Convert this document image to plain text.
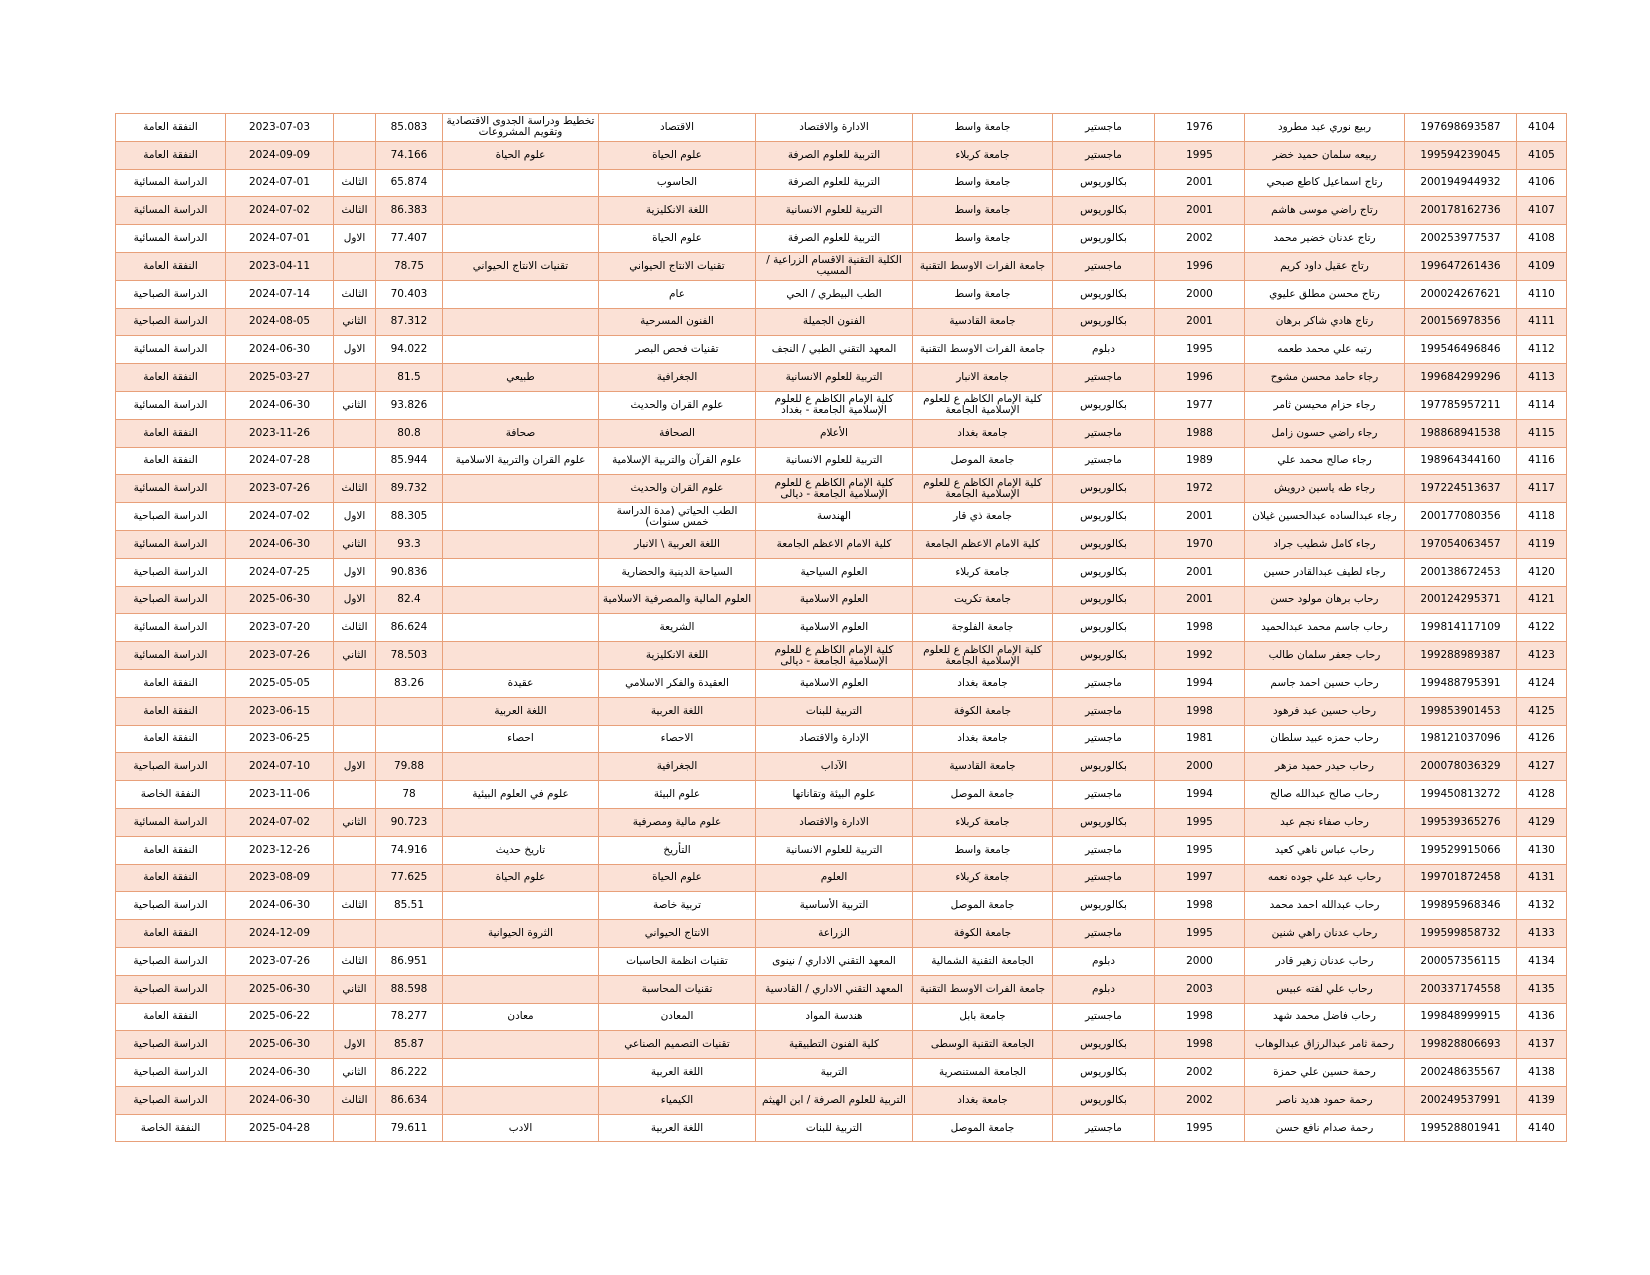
4104	197698693587	ربيع نوري عبد مطرود	1976	ماجستير	جامعة واسط	الادارة والاقتصاد	الاقتصاد	تخطيط ودراسة الجدوى الاقتصادية وتقويم المشروعات	85.083		2023-07-03	النفقة العامة
4105	199594239045	ربيعه سلمان حميد خضر	1995	ماجستير	جامعة كربلاء	التربية للعلوم الصرفة	علوم الحياة	علوم الحياة	74.166		2024-09-09	النفقة العامة
4106	200194944932	رتاج اسماعيل كاطع صبحي	2001	بكالوريوس	جامعة واسط	التربية للعلوم الصرفة	الحاسوب		65.874	الثالث	2024-07-01	الدراسة المسائية
4107	200178162736	رتاج راضي موسى هاشم	2001	بكالوريوس	جامعة واسط	التربية للعلوم الانسانية	اللغة الانكليزية		86.383	الثالث	2024-07-02	الدراسة المسائية
4108	200253977537	رتاج عدنان خضير محمد	2002	بكالوريوس	جامعة واسط	التربية للعلوم الصرفة	علوم الحياة		77.407	الاول	2024-07-01	الدراسة المسائية
4109	199647261436	رتاج عقيل داود كريم	1996	ماجستير	جامعة الفرات الاوسط التقنية	الكلية التقنية الاقسام الزراعية / المسيب	تقنيات الانتاج الحيواني	تقنيات الانتاج الحيواني	78.75		2023-04-11	النفقة العامة
4110	200024267621	رتاج محسن مطلق عليوي	2000	بكالوريوس	جامعة واسط	الطب البيطري / الحي	عام		70.403	الثالث	2024-07-14	الدراسة الصباحية
4111	200156978356	رتاج هادي شاكر برهان	2001	بكالوريوس	جامعة القادسية	الفنون الجميلة	الفنون المسرحية		87.312	الثاني	2024-08-05	الدراسة الصباحية
4112	199546496846	رتبه علي محمد طعمه	1995	دبلوم	جامعة الفرات الاوسط التقنية	المعهد التقني الطبي / النجف	تقنيات فحص البصر		94.022	الاول	2024-06-30	الدراسة المسائية
4113	199684299296	رجاء حامد محسن مشوح	1996	ماجستير	جامعة الانبار	التربية للعلوم الانسانية	الجغرافية	طبيعي	81.5		2025-03-27	النفقة العامة
4114	197785957211	رجاء حزام محيسن ثامر	1977	بكالوريوس	كلية الإمام الكاظم ع للعلوم الإسلامية الجامعة	كلية الإمام الكاظم ع للعلوم الإسلامية الجامعة - بغداد	علوم القران والحديث		93.826	الثاني	2024-06-30	الدراسة المسائية
4115	198868941538	رجاء راضي حسون زامل	1988	ماجستير	جامعة بغداد	الأعلام	الصحافة	صحافة	80.8		2023-11-26	النفقة العامة
4116	198964344160	رجاء صالح محمد علي	1989	ماجستير	جامعة الموصل	التربية للعلوم الانسانية	علوم القرآن والتربية الإسلامية	علوم القران والتربية الاسلامية	85.944		2024-07-28	النفقة العامة
4117	197224513637	رجاء طه ياسين درويش	1972	بكالوريوس	كلية الإمام الكاظم ع للعلوم الإسلامية الجامعة	كلية الإمام الكاظم ع للعلوم الإسلامية الجامعة - ديالى	علوم القران والحديث		89.732	الثالث	2023-07-26	الدراسة المسائية
4118	200177080356	رجاء عبدالساده عبدالحسين غيلان	2001	بكالوريوس	جامعة ذي قار	الهندسة	الطب الحياتي (مدة الدراسة خمس سنوات)		88.305	الاول	2024-07-02	الدراسة الصباحية
4119	197054063457	رجاء كامل شطيب جراد	1970	بكالوريوس	كلية الامام الاعظم الجامعة	كلية الامام الاعظم الجامعة	اللغة العربية \ الانبار		93.3	الثاني	2024-06-30	الدراسة المسائية
4120	200138672453	رجاء لطيف عبدالقادر حسين	2001	بكالوريوس	جامعة كربلاء	العلوم السياحية	السياحة الدينية والحضارية		90.836	الاول	2024-07-25	الدراسة الصباحية
4121	200124295371	رحاب برهان مولود حسن	2001	بكالوريوس	جامعة تكريت	العلوم الاسلامية	العلوم المالية والمصرفية الاسلامية		82.4	الاول	2025-06-30	الدراسة الصباحية
4122	199814117109	رحاب جاسم محمد عبدالحميد	1998	بكالوريوس	جامعة الفلوجة	العلوم الاسلامية	الشريعة		86.624	الثالث	2023-07-20	الدراسة المسائية
4123	199288989387	رحاب جعفر سلمان طالب	1992	بكالوريوس	كلية الإمام الكاظم ع للعلوم الإسلامية الجامعة	كلية الإمام الكاظم ع للعلوم الإسلامية الجامعة - ديالى	اللغة الانكليزية		78.503	الثاني	2023-07-26	الدراسة المسائية
4124	199488795391	رحاب حسين احمد جاسم	1994	ماجستير	جامعة بغداد	العلوم الاسلامية	العقيدة والفكر الاسلامي	عقيدة	83.26		2025-05-05	النفقة العامة
4125	199853901453	رحاب حسين عبد فرهود	1998	ماجستير	جامعة الكوفة	التربية للبنات	اللغة العربية	اللغة العربية			2023-06-15	النفقة العامة
4126	198121037096	رحاب حمزه عبيد سلطان	1981	ماجستير	جامعة بغداد	الإدارة والاقتصاد	الاحصاء	احصاء			2023-06-25	النفقة العامة
4127	200078036329	رحاب حيدر حميد مزهر	2000	بكالوريوس	جامعة القادسية	الآداب	الجغرافية		79.88	الاول	2024-07-10	الدراسة الصباحية
4128	199450813272	رحاب صالح عبدالله صالح	1994	ماجستير	جامعة الموصل	علوم البيئة وتقاناتها	علوم البيئة	علوم في العلوم البيئية	78		2023-11-06	النفقة الخاصة
4129	199539365276	رحاب صفاء نجم عبد	1995	بكالوريوس	جامعة كربلاء	الادارة والاقتصاد	علوم مالية ومصرفية		90.723	الثاني	2024-07-02	الدراسة المسائية
4130	199529915066	رحاب عباس ناهي كعيد	1995	ماجستير	جامعة واسط	التربية للعلوم الانسانية	التأريخ	تاريخ حديث	74.916		2023-12-26	النفقة العامة
4131	199701872458	رحاب عبد علي جوده نعمه	1997	ماجستير	جامعة كربلاء	العلوم	علوم الحياة	علوم الحياة	77.625		2023-08-09	النفقة العامة
4132	199895968346	رحاب عبدالله احمد محمد	1998	بكالوريوس	جامعة الموصل	التربية الأساسية	تربية خاصة		85.51	الثالث	2024-06-30	الدراسة الصباحية
4133	199599858732	رحاب عدنان راهي شنين	1995	ماجستير	جامعة الكوفة	الزراعة	الانتاج الحيواني	الثروة الحيوانية			2024-12-09	النفقة العامة
4134	200057356115	رحاب عدنان زهير قادر	2000	دبلوم	الجامعة التقنية الشمالية	المعهد التقني الاداري / نينوى	تقنيات انظمة الحاسبات		86.951	الثالث	2023-07-26	الدراسة الصباحية
4135	200337174558	رحاب علي لفته عبيس	2003	دبلوم	جامعة الفرات الاوسط التقنية	المعهد التقني الاداري / القادسية	تقنيات المحاسبة		88.598	الثاني	2025-06-30	الدراسة الصباحية
4136	199848999915	رحاب فاضل محمد شهد	1998	ماجستير	جامعة بابل	هندسة المواد	المعادن	معادن	78.277		2025-06-22	النفقة العامة
4137	199828806693	رحمة ثامر عبدالرزاق عبدالوهاب	1998	بكالوريوس	الجامعة التقنية الوسطى	كلية الفنون التطبيقية	تقنيات التصميم الصناعي		85.87	الاول	2025-06-30	الدراسة الصباحية
4138	200248635567	رحمة حسين علي حمزة	2002	بكالوريوس	الجامعة المستنصرية	التربية	اللغة العربية		86.222	الثاني	2024-06-30	الدراسة الصباحية
4139	200249537991	رحمة حمود هديد ناصر	2002	بكالوريوس	جامعة بغداد	التربية للعلوم الصرفة / ابن الهيثم	الكيمياء		86.634	الثالث	2024-06-30	الدراسة الصباحية
4140	199528801941	رحمة صدام نافع حسن	1995	ماجستير	جامعة الموصل	التربية للبنات	اللغة العربية	الادب	79.611		2025-04-28	النفقة الخاصة
